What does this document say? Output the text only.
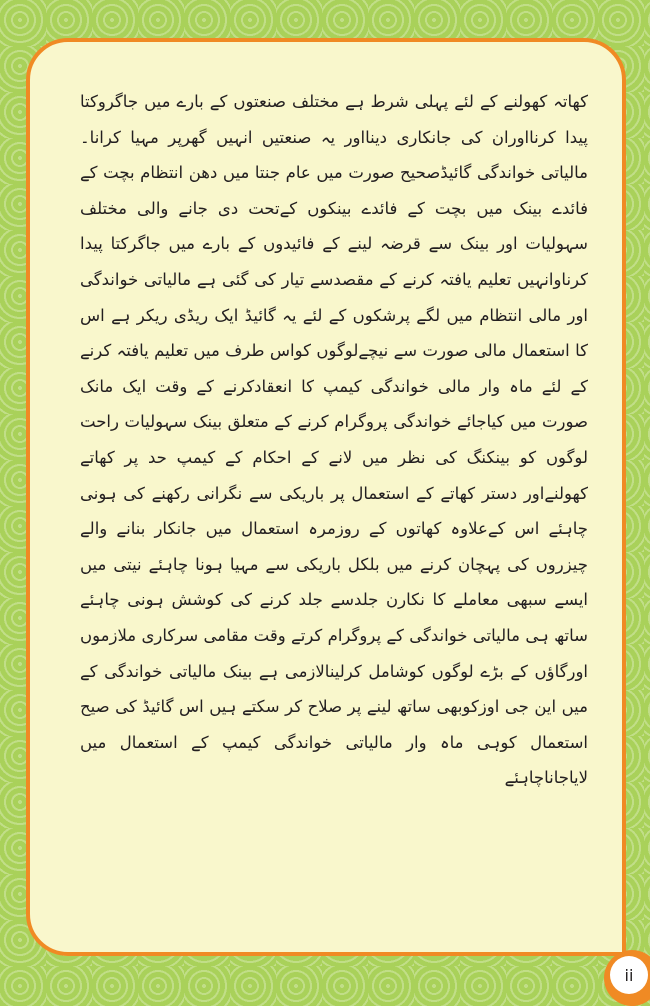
کھاتہ کھولنے کے لئے پہلی شرط ہے مختلف صنعتوں کے بارے میں جاگروکتا پیدا کرنااوران کی جانکاری دینااور یہ صنعتیں انہیں گھرپر مہیا کرانا۔ مالیاتی خواندگی گائیڈصحیح صورت میں عام جنتا میں دھن انتظام بچت کے فائدے بینک میں بچت کے فائدے بینکوں کےتحت دی جانے والی مختلف سہولیات اور بینک سے قرضہ لینے کے فائیدوں کے بارے میں جاگرکتا پیدا کرناوانہیں تعلیم یافتہ کرنے کے مقصدسے تیار کی گئی ہے مالیاتی خواندگی اور مالی انتظام میں لگے پرشکوں کے لئے یہ گائیڈ ایک ریڈی ریکر ہے اس کا استعمال مالی صورت سے نیچےلوگوں کواس طرف میں تعلیم یافتہ کرنے کے لئے ماہ وار مالی خواندگی کیمپ کا انعقادکرنے کے وقت ایک مانک صورت میں کیاجائے خواندگی پروگرام کرنے کے متعلق بینک سہولیات راحت لوگوں کو بینکنگ کی نظر میں لانے کے احکام کے کیمپ حد پر کھاتے کھولنےاور دستر کھاتے کے استعمال پر باریکی سے نگرانی رکھنے کی ہونی چاہئے اس کےعلاوہ کھاتوں کے روزمرہ استعمال میں جانکار بنانے والے چیزروں کی پہچان کرنے میں بلکل باریکی سے مہیا ہونا چاہئے نیتی میں ایسے سبھی معاملے کا نکارن جلدسے جلد کرنے کی کوشش ہونی چاہئے ساتھ ہی مالیاتی خواندگی کے پروگرام کرتے وقت مقامی سرکاری ملازموں اورگاؤں کے بڑے لوگوں کوشامل کرلینالازمی ہے بینک مالیاتی خواندگی کے میں این جی اوزکوبھی ساتھ لینے پر صلاح کر سکتے ہیں اس گائیڈ کی صیح استعمال کوہی ماہ وار مالیاتی خواندگی کیمپ کے استعمال میں لایاجاناچاہئے

ii
